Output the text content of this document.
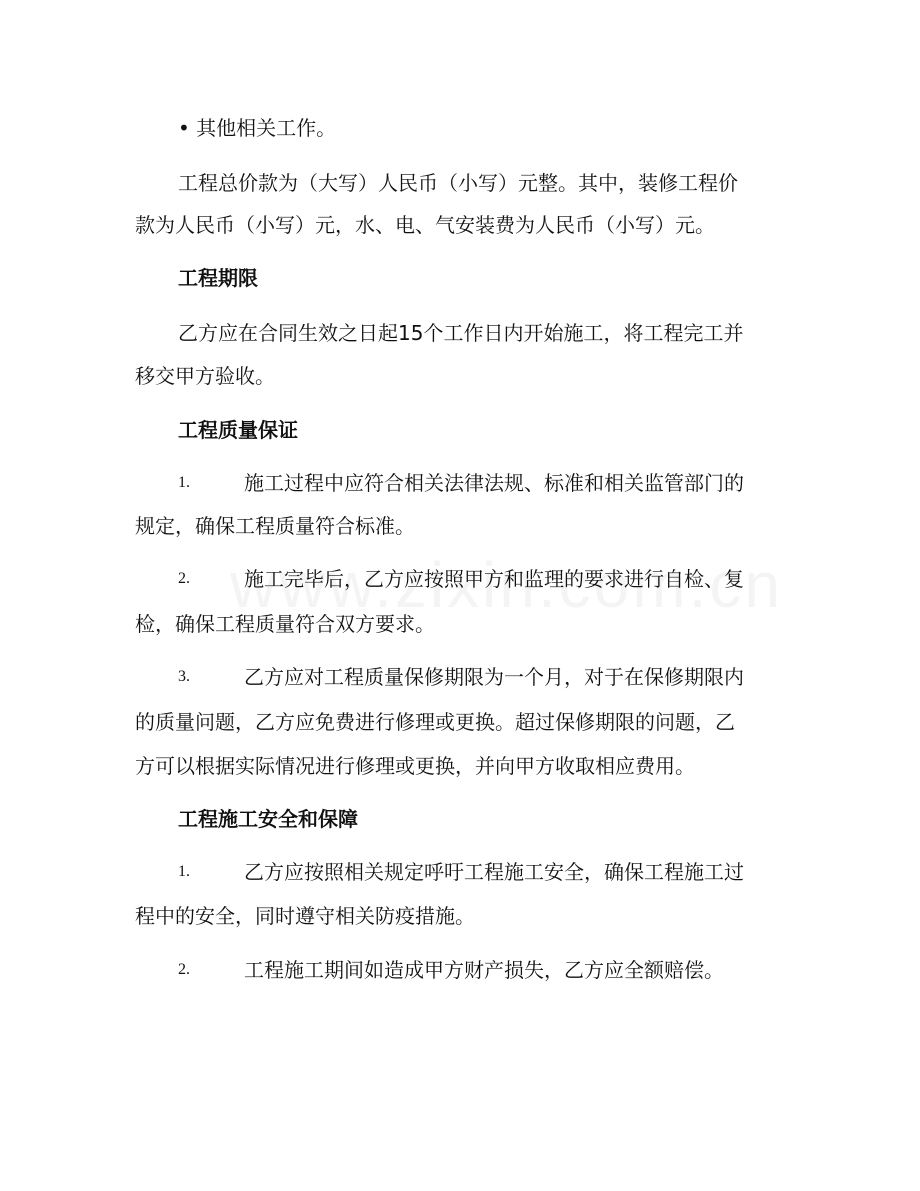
• 其他相关工作。
工程总价款为（大写）人民币（小写）元整。其中，装修工程价
款为人民币（小写）元，水、电、气安装费为人民币（小写）元。
工程期限
乙方应在合同生效之日起15个工作日内开始施工，将工程完工并
移交甲方验收。
工程质量保证
1.	施工过程中应符合相关法律法规、标准和相关监管部门的
规定，确保工程质量符合标准。
2.	施工完毕后，乙方应按照甲方和监理的要求进行自检、复
检，确保工程质量符合双方要求。
3.	乙方应对工程质量保修期限为一个月，对于在保修期限内
的质量问题，乙方应免费进行修理或更换。超过保修期限的问题，乙
方可以根据实际情况进行修理或更换，并向甲方收取相应费用。
工程施工安全和保障
1.	乙方应按照相关规定呼吁工程施工安全，确保工程施工过
程中的安全，同时遵守相关防疫措施。
2.	工程施工期间如造成甲方财产损失，乙方应全额赔偿。
